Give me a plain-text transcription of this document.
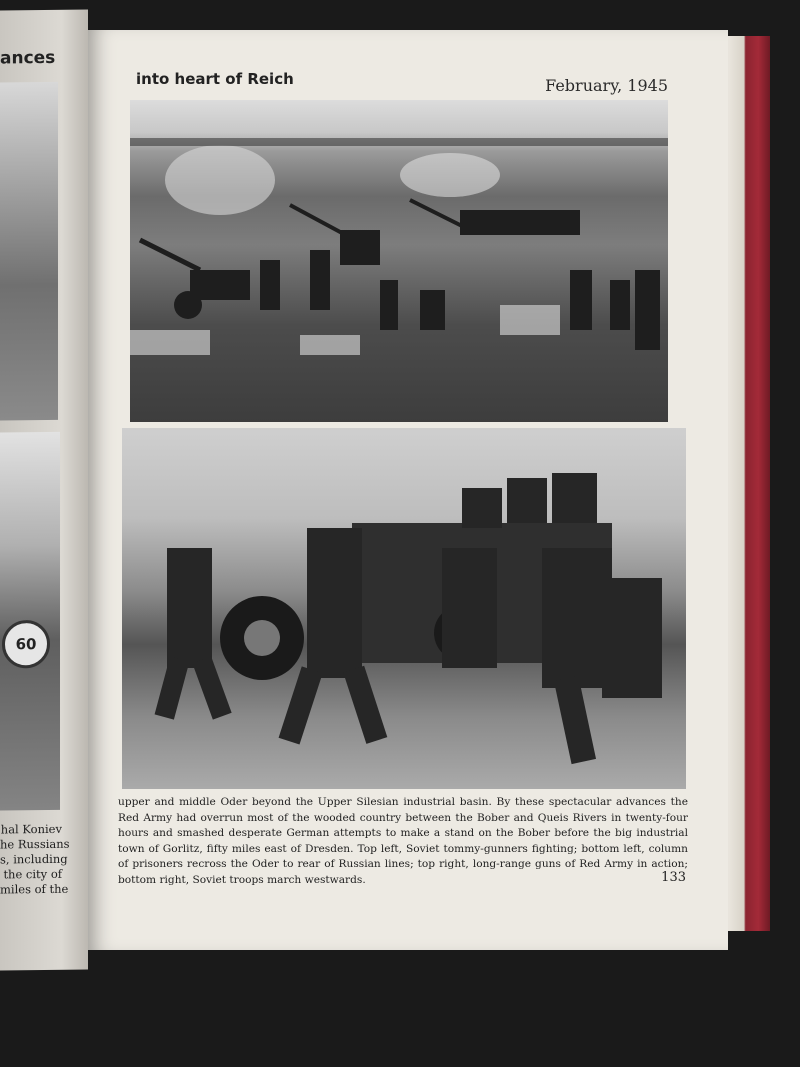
ances
60
hal Koniev
he Russians
s, including
the city of
miles of the
into heart of Reich	February, 1945
upper and middle Oder beyond the Upper Silesian industrial basin. By these spectacular advances the Red Army had overrun most of the wooded country between the Bober and Queis Rivers in twenty-four hours and smashed desperate German attempts to make a stand on the Bober before the big industrial town of Gorlitz, fifty miles east of Dresden. Top left, Soviet tommy-gunners fighting; bottom left, column of prisoners recross the Oder to rear of Russian lines; top right, long-range guns of Red Army in action; bottom right, Soviet troops march westwards.	133
